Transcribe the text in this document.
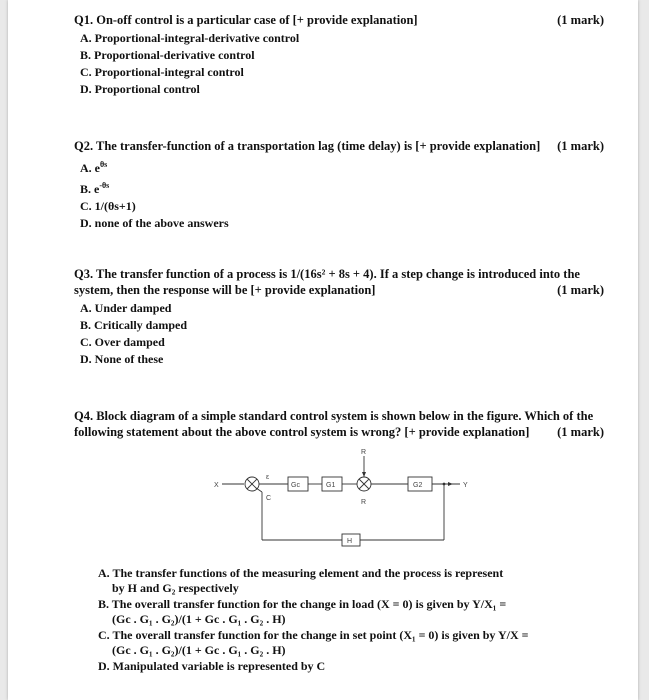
Q1. On-off control is a particular case of [+ provide explanation]	(1 mark)
A. Proportional-integral-derivative control
B. Proportional-derivative control
C. Proportional-integral control
D. Proportional control
Q2. The transfer-function of a transportation lag (time delay) is [+ provide explanation]	(1 mark)
A. $e^{\theta s}$
B. $e^{-\theta s}$
C. 1/(θs+1)
D. none of the above answers
Q3. The transfer function of a process is 1/(16s² + 8s + 4). If a step change is introduced into the
system, then the response will be [+ provide explanation]	(1 mark)
A. Under damped
B. Critically damped
C. Over damped
D. None of these
Q4. Block diagram of a simple standard control system is shown below in the figure. Which of the
following statement about the above control system is wrong? [+ provide explanation] (1 mark)
X
ε
C
Gc	G1
R
R
G2	Y
H
A. The transfer functions of the measuring element and the process is represent
by H and G₂ respectively
B. The overall transfer function for the change in load (X = 0) is given by Y/X₁ =
(Gc . G₁ . G₂)/(1 + Gc . G₁ . G₂ . H)
C. The overall transfer function for the change in set point (X₁ = 0) is given by Y/X =
(Gc . G₁ . G₂)/(1 + Gc . G₁ . G₂ . H)
D. Manipulated variable is represented by C
